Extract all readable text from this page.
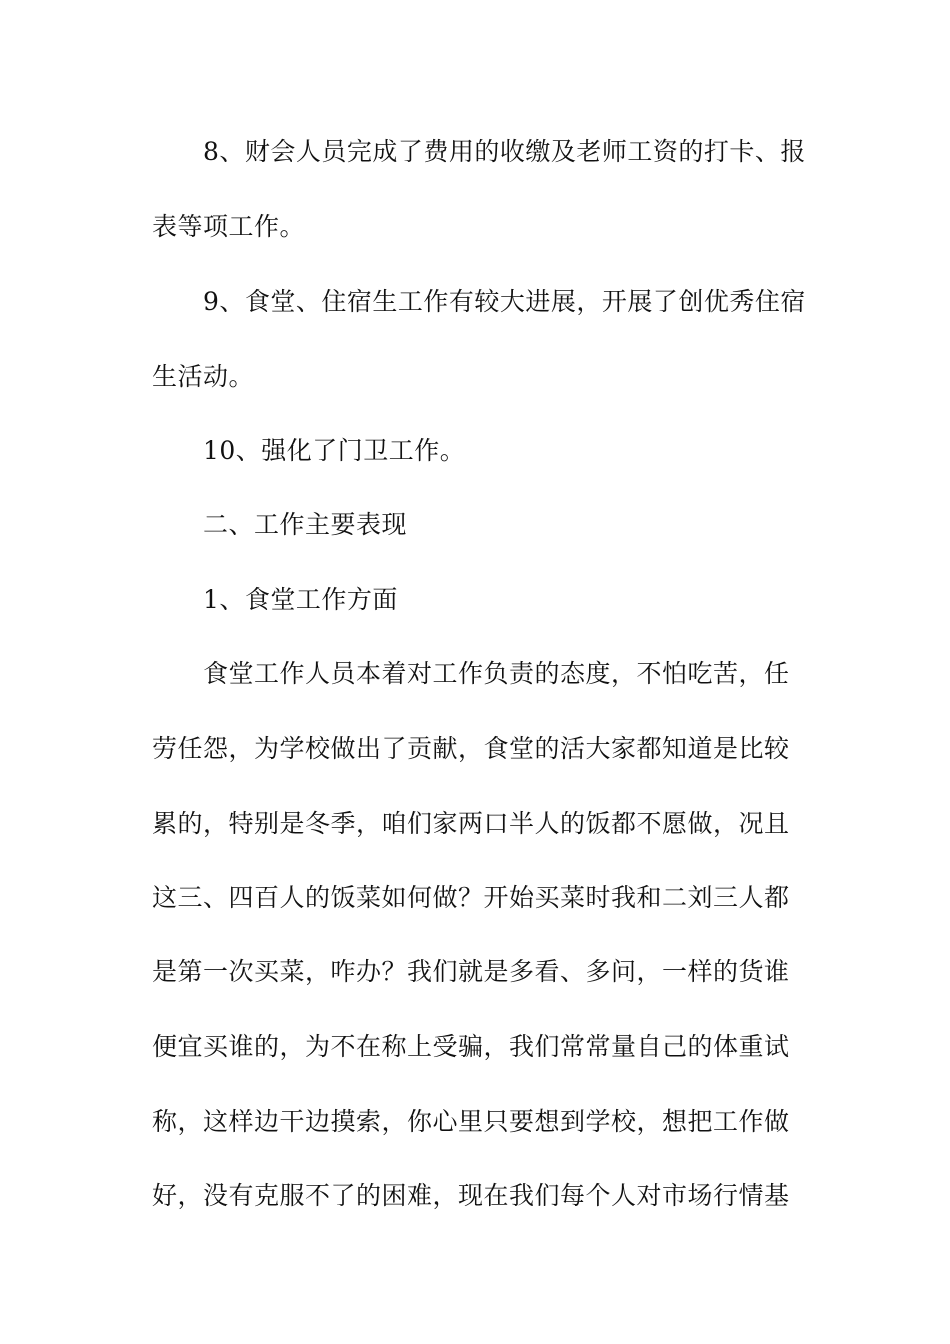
8、财会人员完成了费用的收缴及老师工资的打卡、报
表等项工作。
9、食堂、住宿生工作有较大进展，开展了创优秀住宿
生活动。
10、强化了门卫工作。
二、工作主要表现
1、食堂工作方面
食堂工作人员本着对工作负责的态度，不怕吃苦，任
劳任怨，为学校做出了贡献，食堂的活大家都知道是比较
累的，特别是冬季，咱们家两口半人的饭都不愿做，况且
这三、四百人的饭菜如何做？开始买菜时我和二刘三人都
是第一次买菜，咋办？我们就是多看、多问，一样的货谁
便宜买谁的，为不在称上受骗，我们常常量自己的体重试
称，这样边干边摸索，你心里只要想到学校，想把工作做
好，没有克服不了的困难，现在我们每个人对市场行情基
